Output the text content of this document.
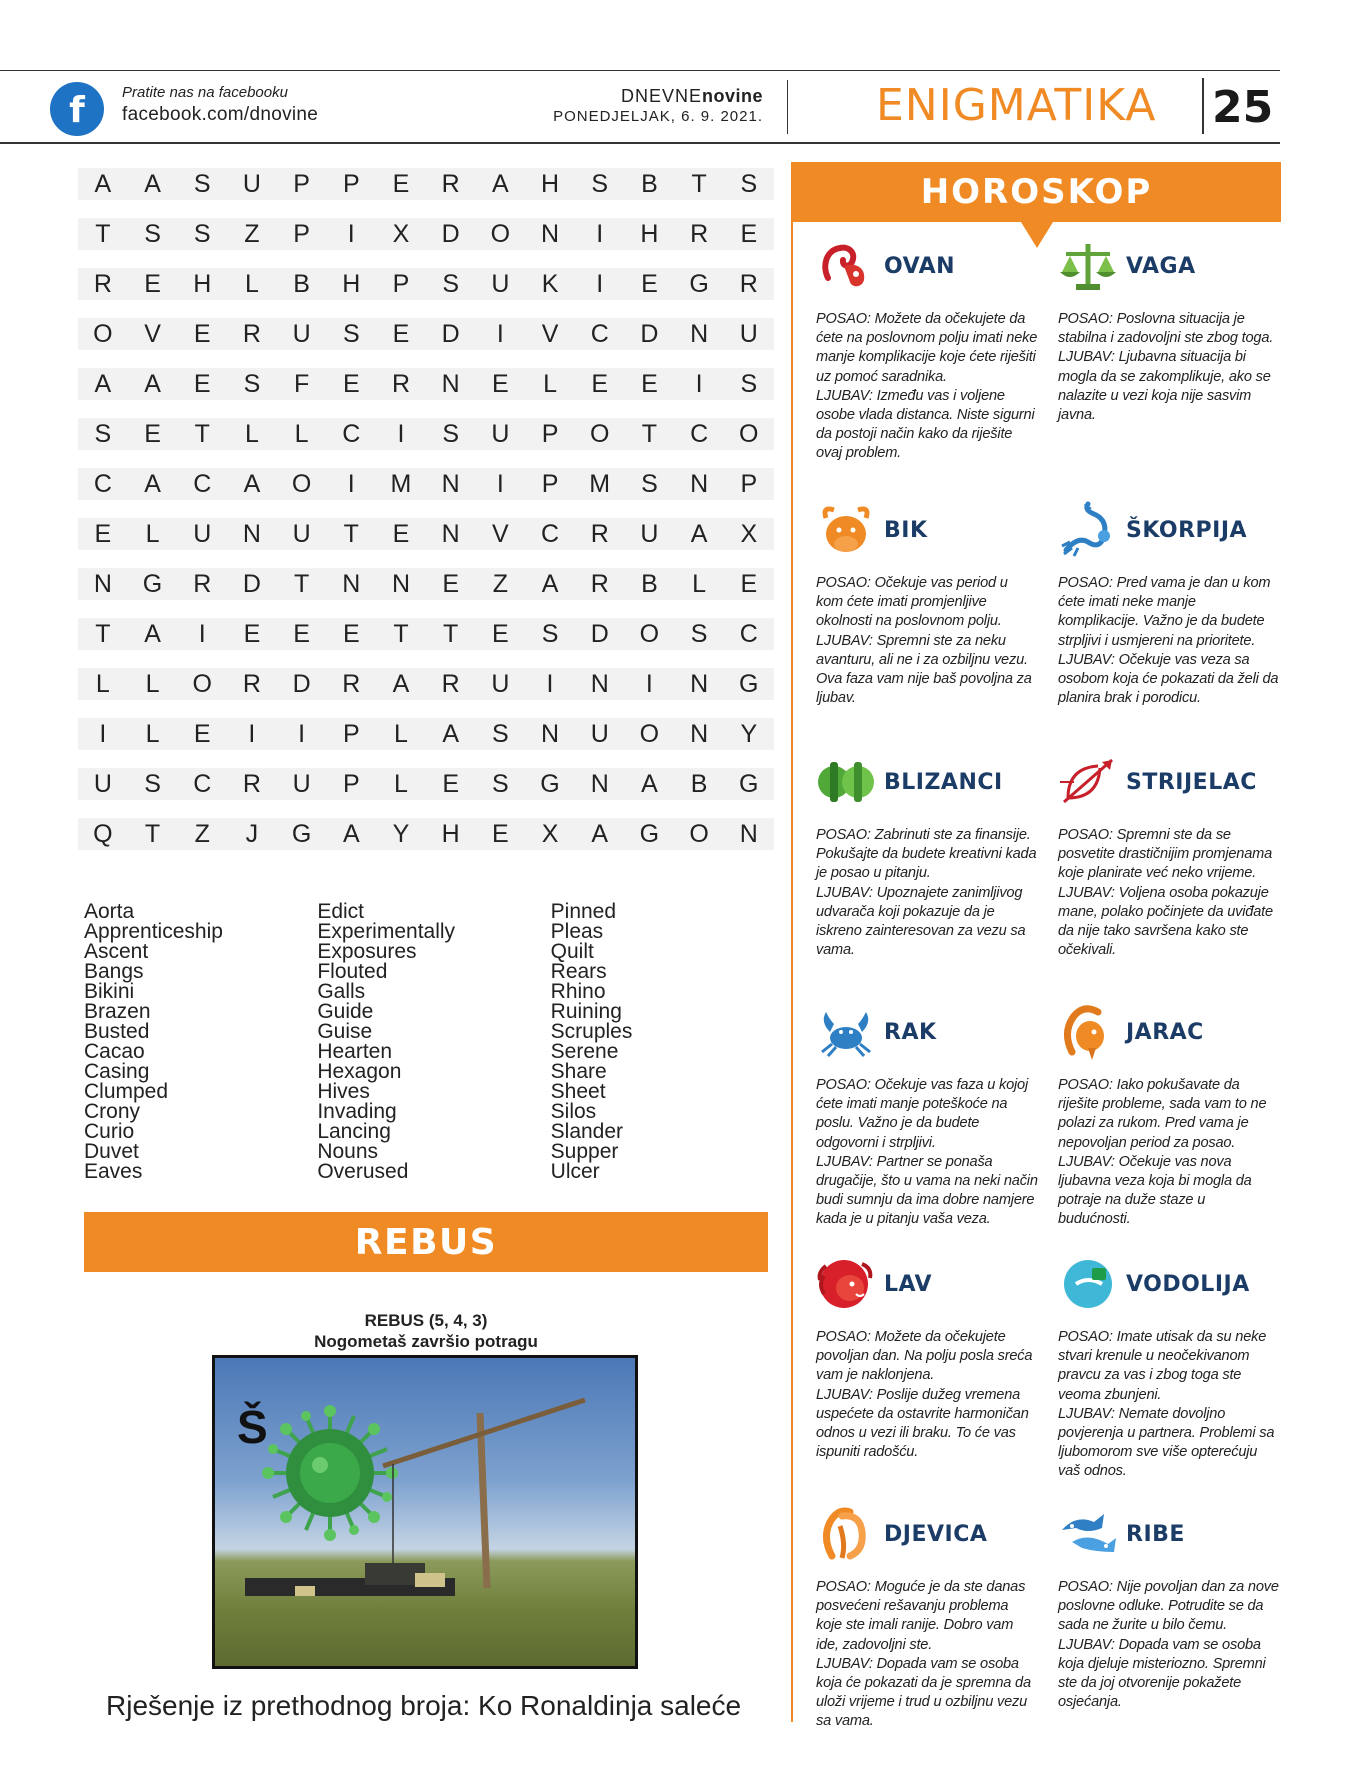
f Pratite nas na facebooku
facebook.com/dnovine
DNEVNEnovine
PONEDJELJAK, 6. 9. 2021.	ENIGMATIKA 25
A	A	S	U	P	P	E	R	A	H	S	B	T	S
T	S	S	Z	P	I	X	D	O	N	I	H	R	E
R	E	H	L	B	H	P	S	U	K	I	E	G	R
O	V	E	R	U	S	E	D	I	V	C	D	N	U
A	A	E	S	F	E	R	N	E	L	E	E	I	S
S	E	T	L	L	C	I	S	U	P	O	T	C	O
C	A	C	A	O	I	M	N	I	P	M	S	N	P
E	L	U	N	U	T	E	N	V	C	R	U	A	X
N	G	R	D	T	N	N	E	Z	A	R	B	L	E
T	A	I	E	E	E	T	T	E	S	D	O	S	C
L	L	O	R	D	R	A	R	U	I	N	I	N	G
I	L	E	I	I	P	L	A	S	N	U	O	N	Y
U	S	C	R	U	P	L	E	S	G	N	A	B	G
Q	T	Z	J	G	A	Y	H	E	X	A	G	O	N
Aorta
Apprenticeship
Ascent
Bangs
Bikini
Brazen
Busted
Cacao
Casing
Clumped
Crony
Curio
Duvet
Eaves
Edict
Experimentally
Exposures
Flouted
Galls
Guide
Guise
Hearten
Hexagon
Hives
Invading
Lancing
Nouns
Overused
Pinned
Pleas
Quilt
Rears
Rhino
Ruining
Scruples
Serene
Share
Sheet
Silos
Slander
Supper
Ulcer
REBUS
REBUS (5, 4, 3)
Nogometaš završio potragu
Š
Rješenje iz prethodnog broja: Ko Ronaldinja saleće
HOROSKOP
OVAN

POSAO: Možete da očekujete da ćete na poslovnom polju imati neke manje komplikacije koje ćete riješiti uz pomoć saradnika.

LJUBAV: Između vas i voljene osobe vlada distanca. Niste sigurni da postoji način kako da riješite ovaj problem.

VAGA

POSAO: Poslovna situacija je stabilna i zadovoljni ste zbog toga.

LJUBAV: Ljubavna situacija bi mogla da se zakomplikuje, ako se nalazite u vezi koja nije sasvim javna.

BIK

POSAO: Očekuje vas period u kom ćete imati promjenljive okolnosti na poslovnom polju.

LJUBAV: Spremni ste za neku avanturu, ali ne i za ozbiljnu vezu. Ova faza vam nije baš povoljna za ljubav.

ŠKORPIJA

POSAO: Pred vama je dan u kom ćete imati neke manje komplikacije. Važno je da budete strpljivi i usmjereni na prioritete.

LJUBAV: Očekuje vas veza sa osobom koja će pokazati da želi da planira brak i porodicu.

BLIZANCI

POSAO: Zabrinuti ste za finansije. Pokušajte da budete kreativni kada je posao u pitanju.

LJUBAV: Upoznajete zanimljivog udvarača koji pokazuje da je iskreno zainteresovan za vezu sa vama.

STRIJELAC

POSAO: Spremni ste da se posvetite drastičnijim promjenama koje planirate već neko vrijeme.

LJUBAV: Voljena osoba pokazuje mane, polako počinjete da uviđate da nije tako savršena kako ste očekivali.

RAK

POSAO: Očekuje vas faza u kojoj ćete imati manje poteškoće na poslu. Važno je da budete odgovorni i strpljivi.

LJUBAV: Partner se ponaša drugačije, što u vama na neki način budi sumnju da ima dobre namjere kada je u pitanju vaša veza.

JARAC

POSAO: Iako pokušavate da riješite probleme, sada vam to ne polazi za rukom. Pred vama je nepovoljan period za posao.

LJUBAV: Očekuje vas nova ljubavna veza koja bi mogla da potraje na duže staze u budućnosti.

LAV

POSAO: Možete da očekujete povoljan dan. Na polju posla sreća vam je naklonjena.

LJUBAV: Poslije dužeg vremena uspećete da ostavrite harmoničan odnos u vezi ili braku. To će vas ispuniti radošću.

VODOLIJA

POSAO: Imate utisak da su neke stvari krenule u neočekivanom pravcu za vas i zbog toga ste veoma zbunjeni.

LJUBAV: Nemate dovoljno povjerenja u partnera. Problemi sa ljubomorom sve više opterećuju vaš odnos.

DJEVICA

POSAO: Moguće je da ste danas posvećeni rešavanju problema koje ste imali ranije. Dobro vam ide, zadovoljni ste.

LJUBAV: Dopada vam se osoba koja će pokazati da je spremna da uloži vrijeme i trud u ozbiljnu vezu sa vama.

RIBE

POSAO: Nije povoljan dan za nove poslovne odluke. Potrudite se da sada ne žurite u bilo čemu.

LJUBAV: Dopada vam se osoba koja djeluje misteriozno. Spremni ste da joj otvorenije pokažete osjećanja.
